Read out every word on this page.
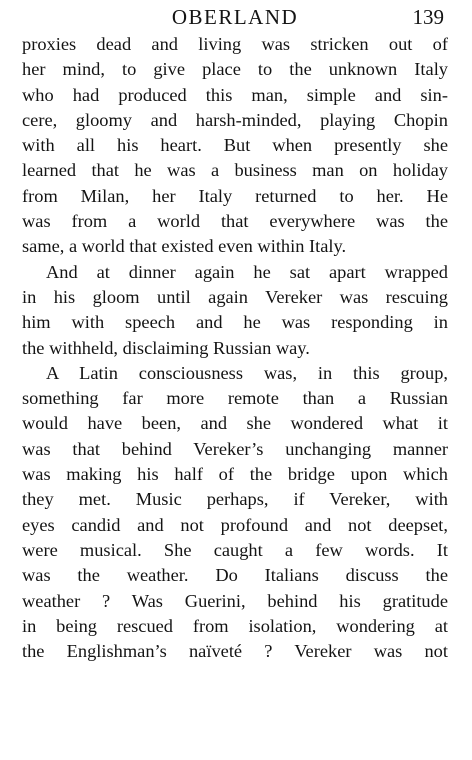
OBERLAND	139
proxies dead and living was stricken out of
her mind, to give place to the unknown Italy
who had produced this man, simple and sin-
cere, gloomy and harsh-minded, playing Chopin
with all his heart. But when presently she
learned that he was a business man on holiday
from Milan, her Italy returned to her. He
was from a world that everywhere was the
same, a world that existed even within Italy.
And at dinner again he sat apart wrapped
in his gloom until again Vereker was rescuing
him with speech and he was responding in
the withheld, disclaiming Russian way.
A Latin consciousness was, in this group,
something far more remote than a Russian
would have been, and she wondered what it
was that behind Vereker’s unchanging manner
was making his half of the bridge upon which
they met. Music perhaps, if Vereker, with
eyes candid and not profound and not deepset,
were musical. She caught a few words. It
was the weather. Do Italians discuss the
weather ? Was Guerini, behind his gratitude
in being rescued from isolation, wondering at
the Englishman’s naïveté ? Vereker was not
